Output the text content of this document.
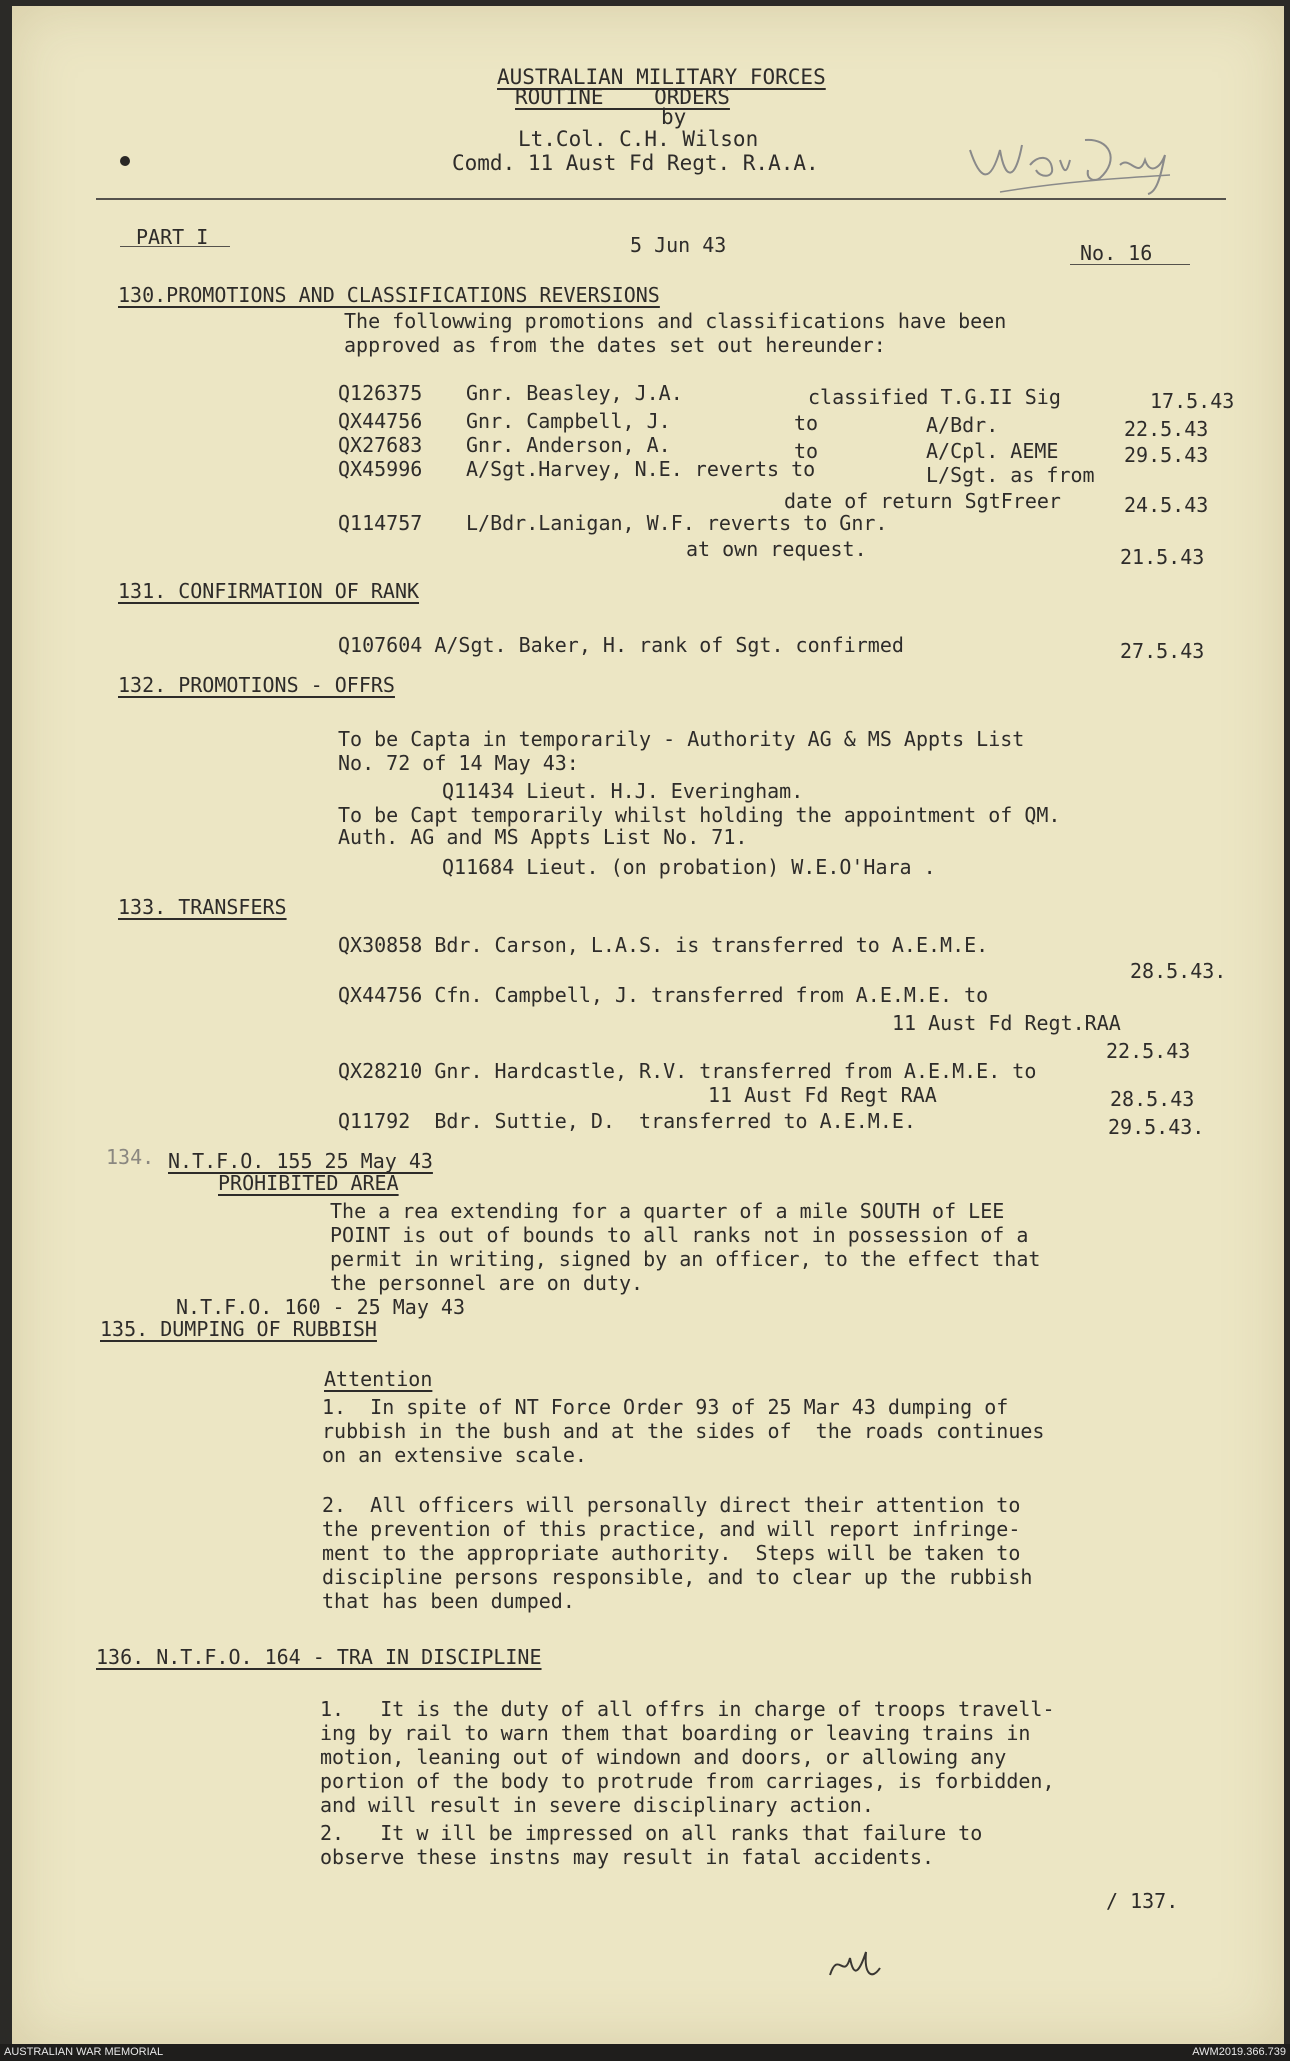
AUSTRALIAN MILITARY FORCES
ROUTINE    ORDERS
by
Lt.Col. C.H. Wilson
Comd. 11 Aust Fd Regt. R.A.A.
PART I	5 Jun 43	No. 16
130.PROMOTIONS AND CLASSIFICATIONS REVERSIONS
The followwing promotions and classifications have been
approved as from the dates set out hereunder:
Q126375 Gnr. Beasley, J.A.	classified T.G.II Sig	17.5.43
QX44756 Gnr. Campbell, J.	to	A/Bdr.	22.5.43
QX27683 Gnr. Anderson, A.	to	A/Cpl. AEME	29.5.43
QX45996 A/Sgt.Harvey, N.E. reverts to	L/Sgt. as from
date of return SgtFreer	24.5.43
Q114757 L/Bdr.Lanigan, W.F. reverts to Gnr.
at own request.	21.5.43
131. CONFIRMATION OF RANK
Q107604 A/Sgt. Baker, H. rank of Sgt. confirmed	27.5.43
132. PROMOTIONS - OFFRS
To be Capta in temporarily - Authority AG & MS Appts List
No. 72 of 14 May 43:
Q11434 Lieut. H.J. Everingham.
To be Capt temporarily whilst holding the appointment of QM.
Auth. AG and MS Appts List No. 71.
Q11684 Lieut. (on probation) W.E.O'Hara .
133. TRANSFERS
QX30858 Bdr. Carson, L.A.S. is transferred to A.E.M.E.
28.5.43.
QX44756 Cfn. Campbell, J. transferred from A.E.M.E. to
11 Aust Fd Regt.RAA
22.5.43
QX28210 Gnr. Hardcastle, R.V. transferred from A.E.M.E. to
11 Aust Fd Regt RAA	28.5.43
Q11792  Bdr. Suttie, D.  transferred to A.E.M.E.	29.5.43.
134. N.T.F.O. 155 25 May 43
PROHIBITED AREA
The a rea extending for a quarter of a mile SOUTH of LEE
POINT is out of bounds to all ranks not in possession of a
permit in writing, signed by an officer, to the effect that
the personnel are on duty.
N.T.F.O. 160 - 25 May 43
135. DUMPING OF RUBBISH
Attention
1.  In spite of NT Force Order 93 of 25 Mar 43 dumping of
rubbish in the bush and at the sides of  the roads continues
on an extensive scale.
2.  All officers will personally direct their attention to
the prevention of this practice, and will report infringe-
ment to the appropriate authority.  Steps will be taken to
discipline persons responsible, and to clear up the rubbish
that has been dumped.
136. N.T.F.O. 164 - TRA IN DISCIPLINE
1.   It is the duty of all offrs in charge of troops travell-
ing by rail to warn them that boarding or leaving trains in
motion, leaning out of windown and doors, or allowing any
portion of the body to protrude from carriages, is forbidden,
and will result in severe disciplinary action.
2.   It w ill be impressed on all ranks that failure to
observe these instns may result in fatal accidents.
/ 137.
AUSTRALIAN WAR MEMORIAL	AWM2019.366.739
